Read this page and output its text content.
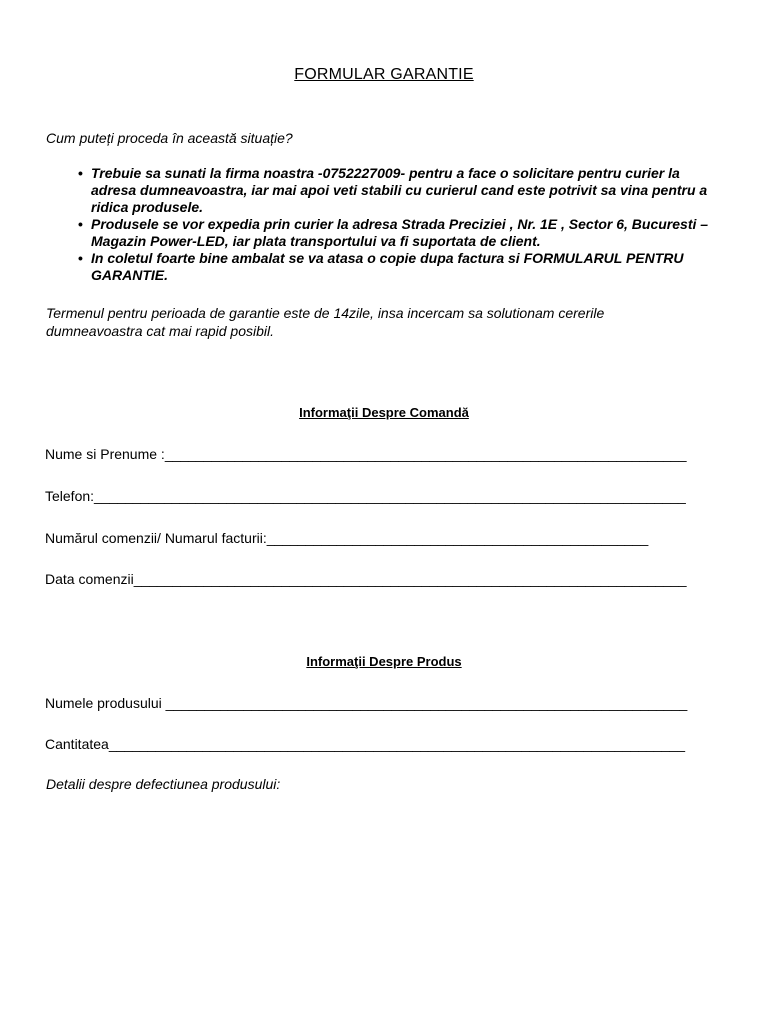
FORMULAR GARANTIE
Cum puteți proceda în această situație?
• Trebuie sa sunati la firma noastra -0752227009- pentru a face o solicitare pentru curier la adresa dumneavoastra, iar mai apoi veti stabili cu curierul cand este potrivit sa vina pentru a ridica produsele.
• Produsele se vor expedia prin curier la adresa Strada Preciziei , Nr. 1E , Sector 6, Bucuresti – Magazin Power-LED, iar plata transportului va fi suportata de client.
• In coletul foarte bine ambalat se va atasa o copie dupa factura si FORMULARUL PENTRU GARANTIE.
Termenul pentru perioada de garantie este de 14zile, insa incercam sa solutionam cererile dumneavoastra cat mai rapid posibil.
Informaţii Despre Comandă
Nume si Prenume :___________________________________________________________________
Telefon:____________________________________________________________________________
Numărul comenzii/ Numarul facturii:_________________________________________________
Data comenzii_______________________________________________________________________
Informaţii Despre Produs
Numele produsului ___________________________________________________________________
Cantitatea__________________________________________________________________________
Detalii despre defectiunea produsului:
